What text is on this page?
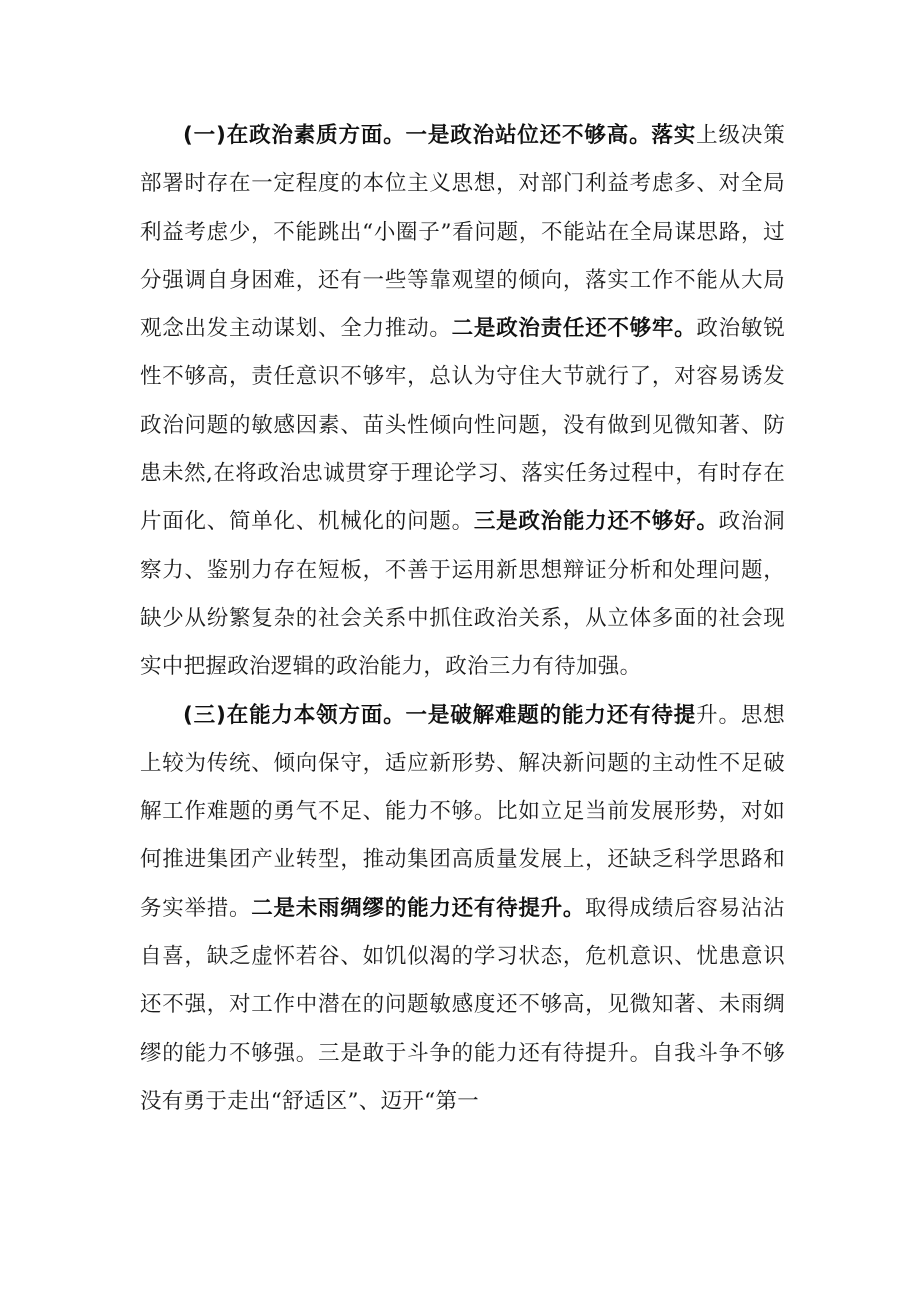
(一)在政治素质方面。一是政治站位还不够高。落实上级决策部署时存在一定程度的本位主义思想，对部门利益考虑多、对全局利益考虑少，不能跳出“小圈子”看问题，不能站在全局谋思路，过分强调自身困难，还有一些等靠观望的倾向，落实工作不能从大局观念出发主动谋划、全力推动。二是政治责任还不够牢。政治敏锐性不够高，责任意识不够牢，总认为守住大节就行了，对容易诱发政治问题的敏感因素、苗头性倾向性问题，没有做到见微知著、防患未然,在将政治忠诚贯穿于理论学习、落实任务过程中，有时存在片面化、简单化、机械化的问题。三是政治能力还不够好。政治洞察力、鉴别力存在短板，不善于运用新思想辩证分析和处理问题，缺少从纷繁复杂的社会关系中抓住政治关系，从立体多面的社会现实中把握政治逻辑的政治能力，政治三力有待加强。

(三)在能力本领方面。一是破解难题的能力还有待提升。思想上较为传统、倾向保守，适应新形势、解决新问题的主动性不足破解工作难题的勇气不足、能力不够。比如立足当前发展形势，对如何推进集团产业转型，推动集团高质量发展上，还缺乏科学思路和务实举措。二是未雨绸缪的能力还有待提升。取得成绩后容易沾沾自喜，缺乏虚怀若谷、如饥似渴的学习状态，危机意识、忧患意识还不强，对工作中潜在的问题敏感度还不够高，见微知著、未雨绸缪的能力不够强。三是敢于斗争的能力还有待提升。自我斗争不够没有勇于走出“舒适区”、迈开“第一
